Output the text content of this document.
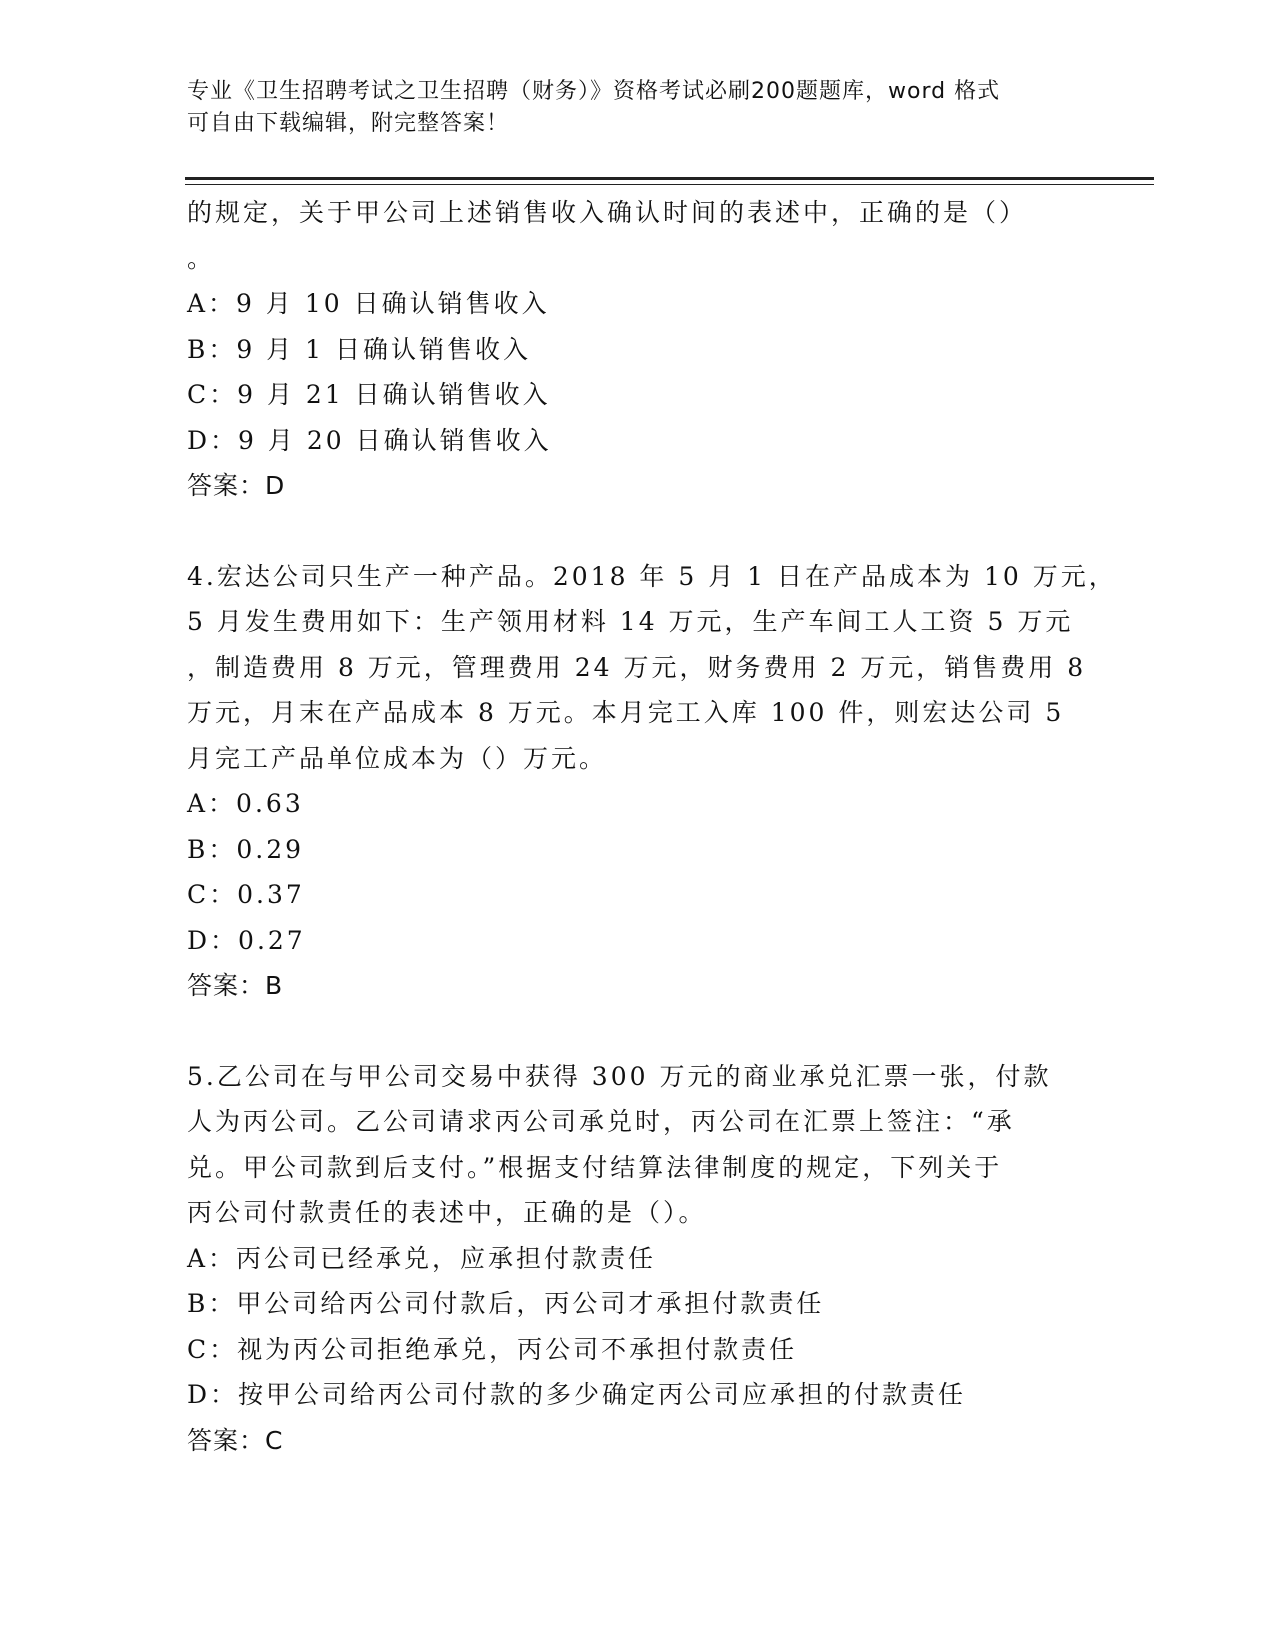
专业《卫生招聘考试之卫生招聘（财务）》资格考试必刷200题题库，word 格式
可自由下载编辑，附完整答案！
的规定，关于甲公司上述销售收入确认时间的表述中，正确的是（）
。
A：9 月 10 日确认销售收入
B：9 月 1 日确认销售收入
C：9 月 21 日确认销售收入
D：9 月 20 日确认销售收入
答案：D
4.宏达公司只生产一种产品。2018 年 5 月 1 日在产品成本为 10 万元，
5 月发生费用如下：生产领用材料 14 万元，生产车间工人工资 5 万元
，制造费用 8 万元，管理费用 24 万元，财务费用 2 万元，销售费用 8
万元，月末在产品成本 8 万元。本月完工入库 100 件，则宏达公司 5
月完工产品单位成本为（）万元。
A：0.63
B：0.29
C：0.37
D：0.27
答案：B
5.乙公司在与甲公司交易中获得 300 万元的商业承兑汇票一张，付款
人为丙公司。乙公司请求丙公司承兑时，丙公司在汇票上签注：“承
兑。甲公司款到后支付。”根据支付结算法律制度的规定，下列关于
丙公司付款责任的表述中，正确的是（）。
A：丙公司已经承兑，应承担付款责任
B：甲公司给丙公司付款后，丙公司才承担付款责任
C：视为丙公司拒绝承兑，丙公司不承担付款责任
D：按甲公司给丙公司付款的多少确定丙公司应承担的付款责任
答案：C
